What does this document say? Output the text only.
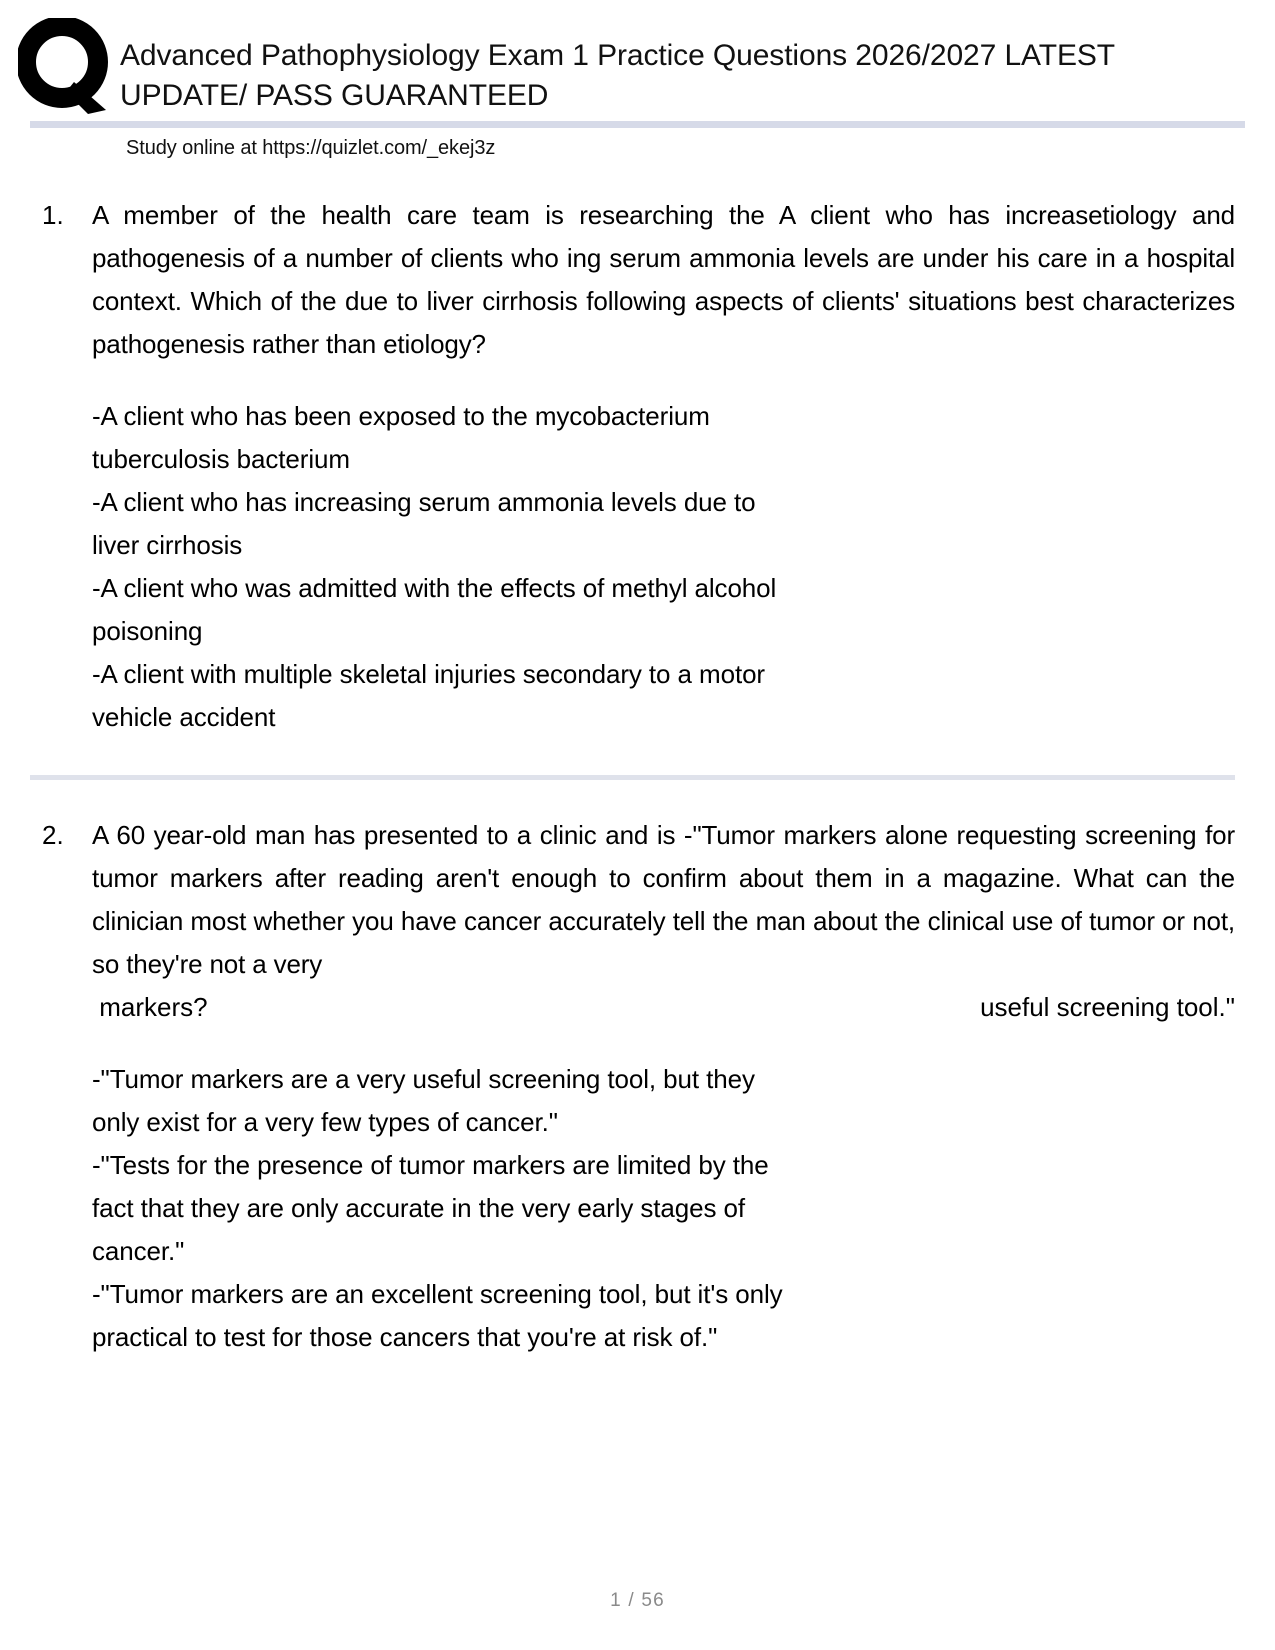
Advanced Pathophysiology Exam 1 Practice Questions 2026/2027 LATEST UPDATE/ PASS GUARANTEED
Study online at https://quizlet.com/_ekej3z
1.	A member of the health care team is researching the A client who has increasetiology and pathogenesis of a number of clients who ing serum ammonia levels are under his care in a hospital context. Which of the due to liver cirrhosis following aspects of clients' situations best characterizes pathogenesis rather than etiology?
-A client who has been exposed to the mycobacterium
tuberculosis bacterium
-A client who has increasing serum ammonia levels due to
liver cirrhosis
-A client who was admitted with the effects of methyl alcohol
poisoning
-A client with multiple skeletal injuries secondary to a motor
vehicle accident
2.	A 60 year-old man has presented to a clinic and is -"Tumor markers alone requesting screening for tumor markers after reading aren't enough to confirm about them in a magazine. What can the clinician most whether you have cancer accurately tell the man about the clinical use of tumor or not, so they're not a very
markers?	useful screening tool."
-"Tumor markers are a very useful screening tool, but they
only exist for a very few types of cancer."
-"Tests for the presence of tumor markers are limited by the
fact that they are only accurate in the very early stages of
cancer."
-"Tumor markers are an excellent screening tool, but it's only
practical to test for those cancers that you're at risk of."
1 / 56
